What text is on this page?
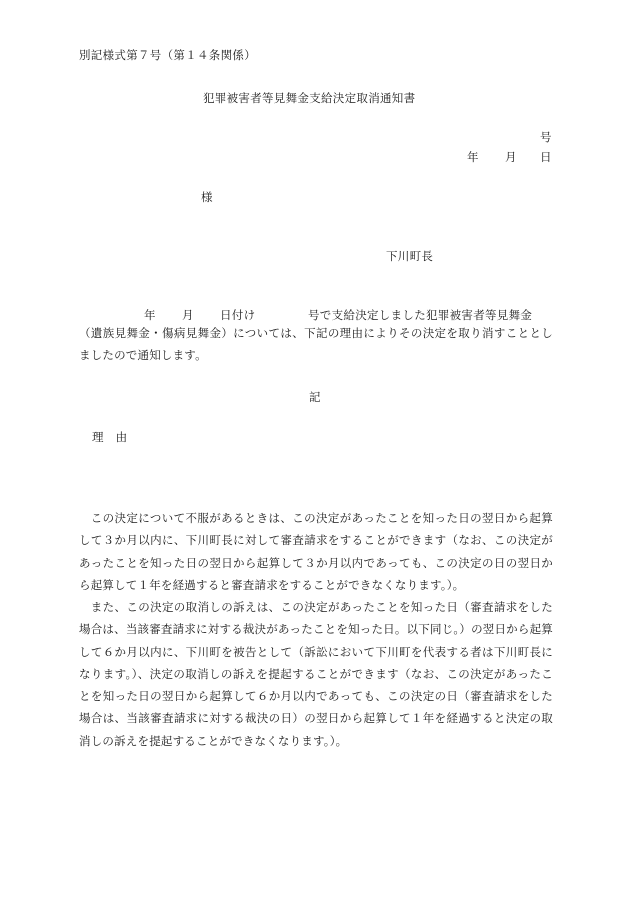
別記様式第７号（第１４条関係）
犯罪被害者等見舞金支給決定取消通知書
号
年 月 日
様
下川町長
年 月 日付け	号で支給決定しました犯罪被害者等見舞金
（遺族見舞金・傷病見舞金）については、下記の理由によりその決定を取り消すこととしましたので通知します。
記
理　由
この決定について不服があるときは、この決定があったことを知った日の翌日から起算して３か月以内に、下川町長に対して審査請求をすることができます（なお、この決定があったことを知った日の翌日から起算して３か月以内であっても、この決定の日の翌日から起算して１年を経過すると審査請求をすることができなくなります。）。
また、この決定の取消しの訴えは、この決定があったことを知った日（審査請求をした場合は、当該審査請求に対する裁決があったことを知った日。以下同じ。）の翌日から起算して６か月以内に、下川町を被告として（訴訟において下川町を代表する者は下川町長になります。）、決定の取消しの訴えを提起することができます（なお、この決定があったことを知った日の翌日から起算して６か月以内であっても、この決定の日（審査請求をした場合は、当該審査請求に対する裁決の日）の翌日から起算して１年を経過すると決定の取消しの訴えを提起することができなくなります。）。
